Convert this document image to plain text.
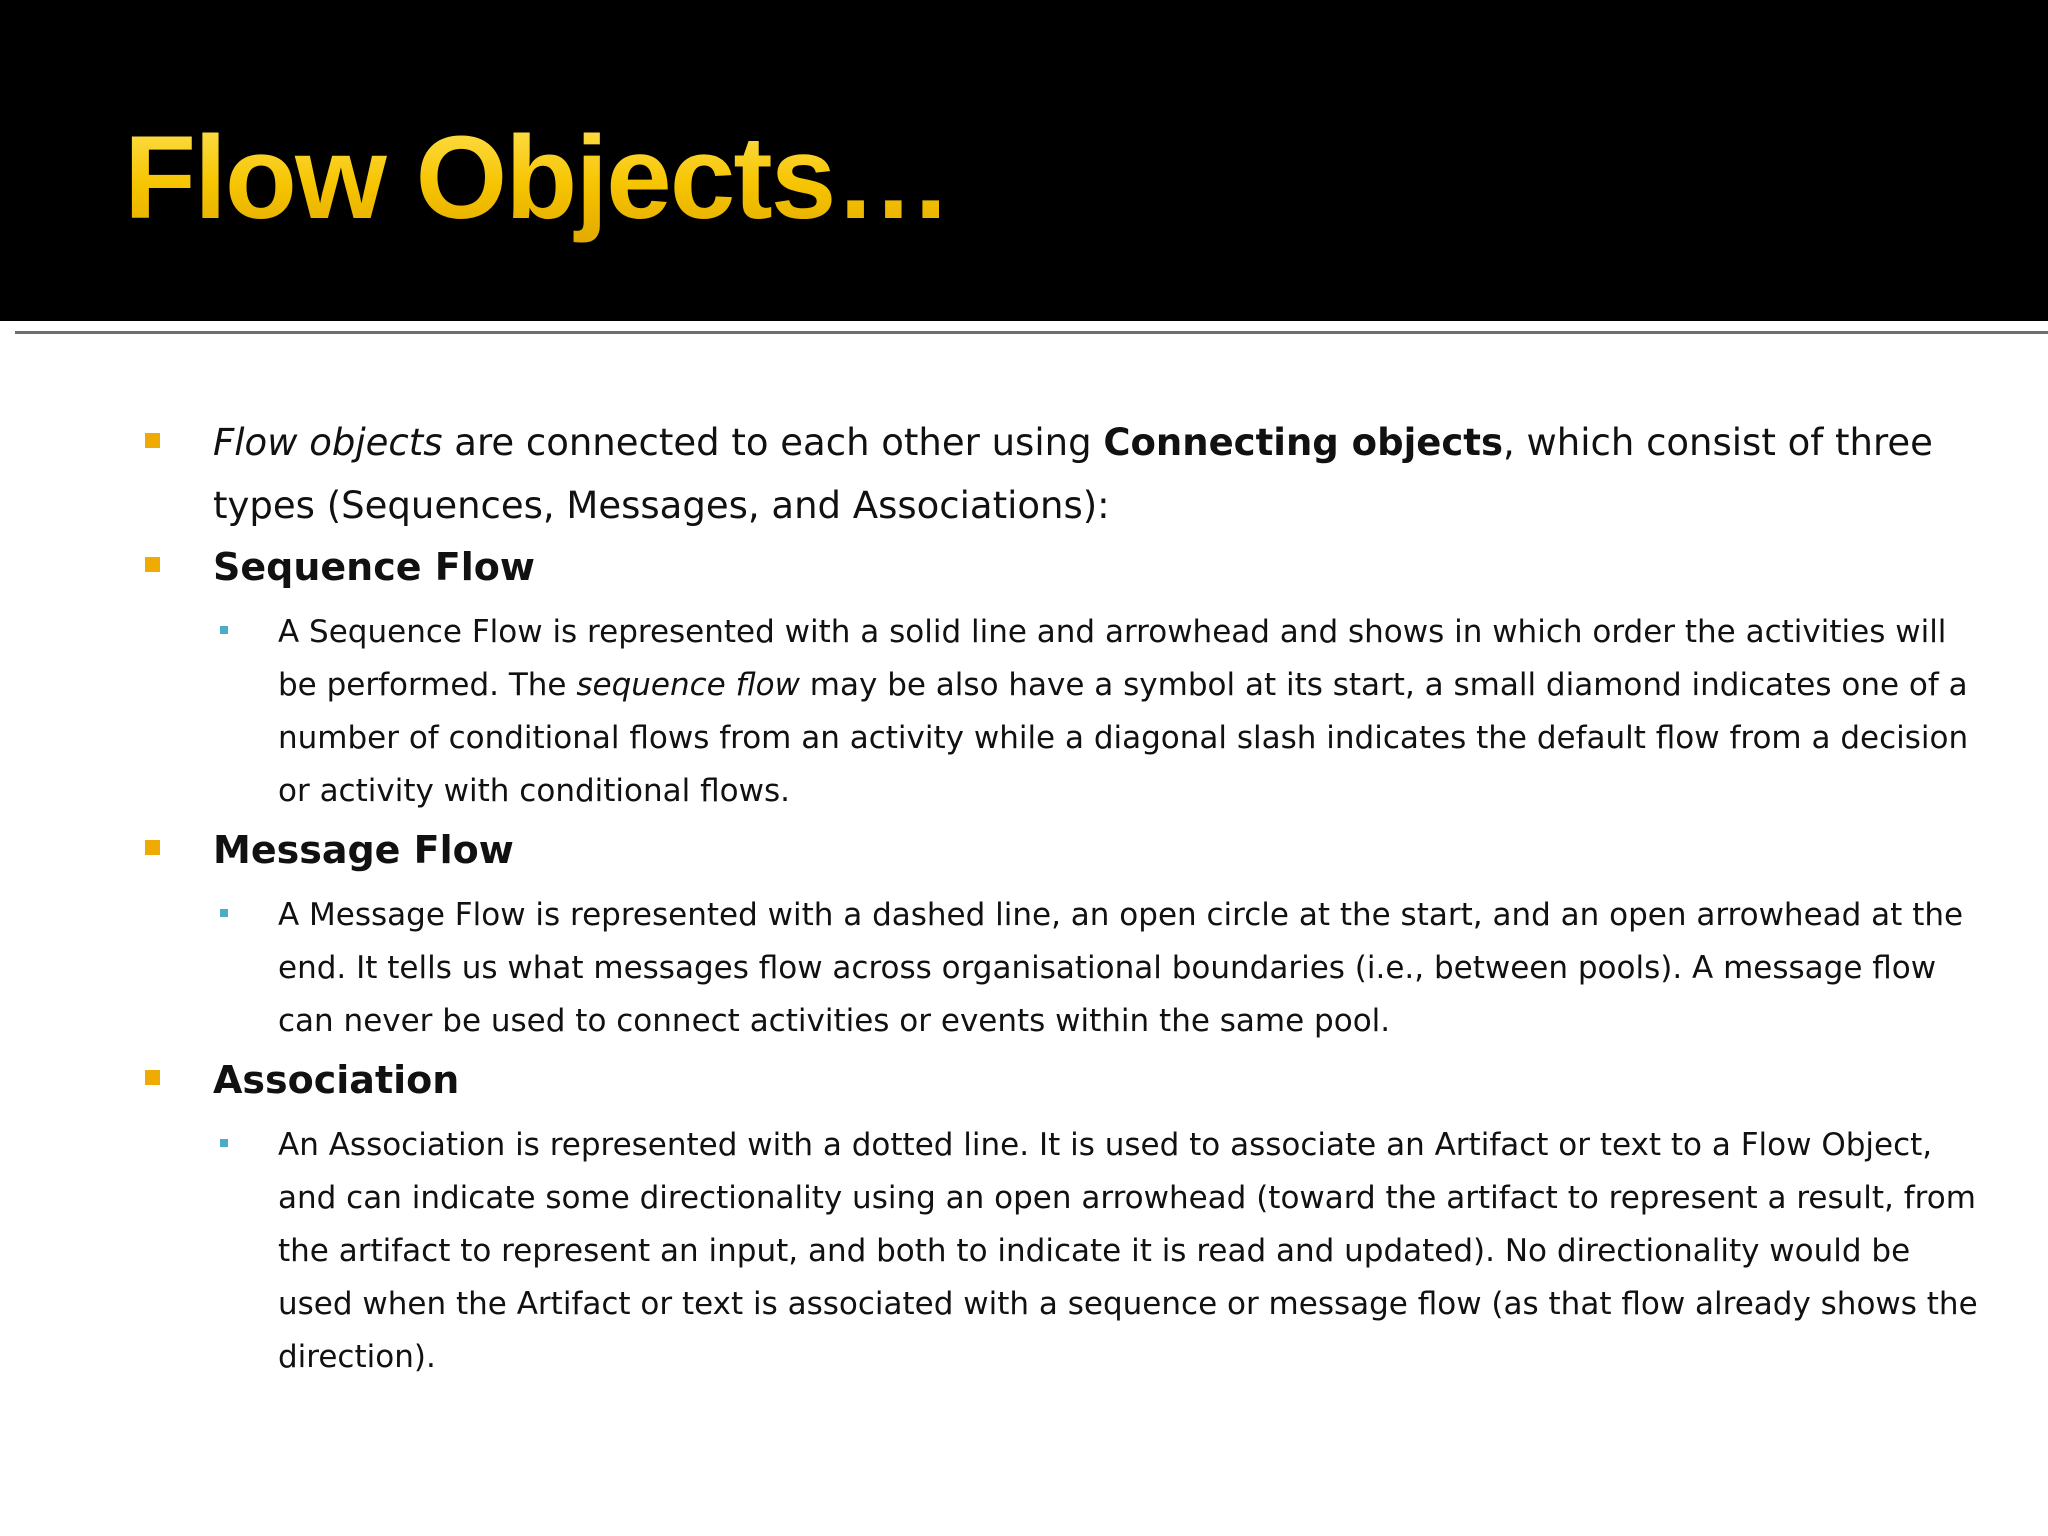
Flow Objects…

Flow objects are connected to each other using Connecting objects, which consist of three types (Sequences, Messages, and Associations):

Sequence Flow

A Sequence Flow is represented with a solid line and arrowhead and shows in which order the activities will be performed. The sequence flow may be also have a symbol at its start, a small diamond indicates one of a number of conditional flows from an activity while a diagonal slash indicates the default flow from a decision or activity with conditional flows.

Message Flow

A Message Flow is represented with a dashed line, an open circle at the start, and an open arrowhead at the end. It tells us what messages flow across organisational boundaries (i.e., between pools). A message flow can never be used to connect activities or events within the same pool.

Association

An Association is represented with a dotted line. It is used to associate an Artifact or text to a Flow Object, and can indicate some directionality using an open arrowhead (toward the artifact to represent a result, from the artifact to represent an input, and both to indicate it is read and updated). No directionality would be used when the Artifact or text is associated with a sequence or message flow (as that flow already shows the direction).
